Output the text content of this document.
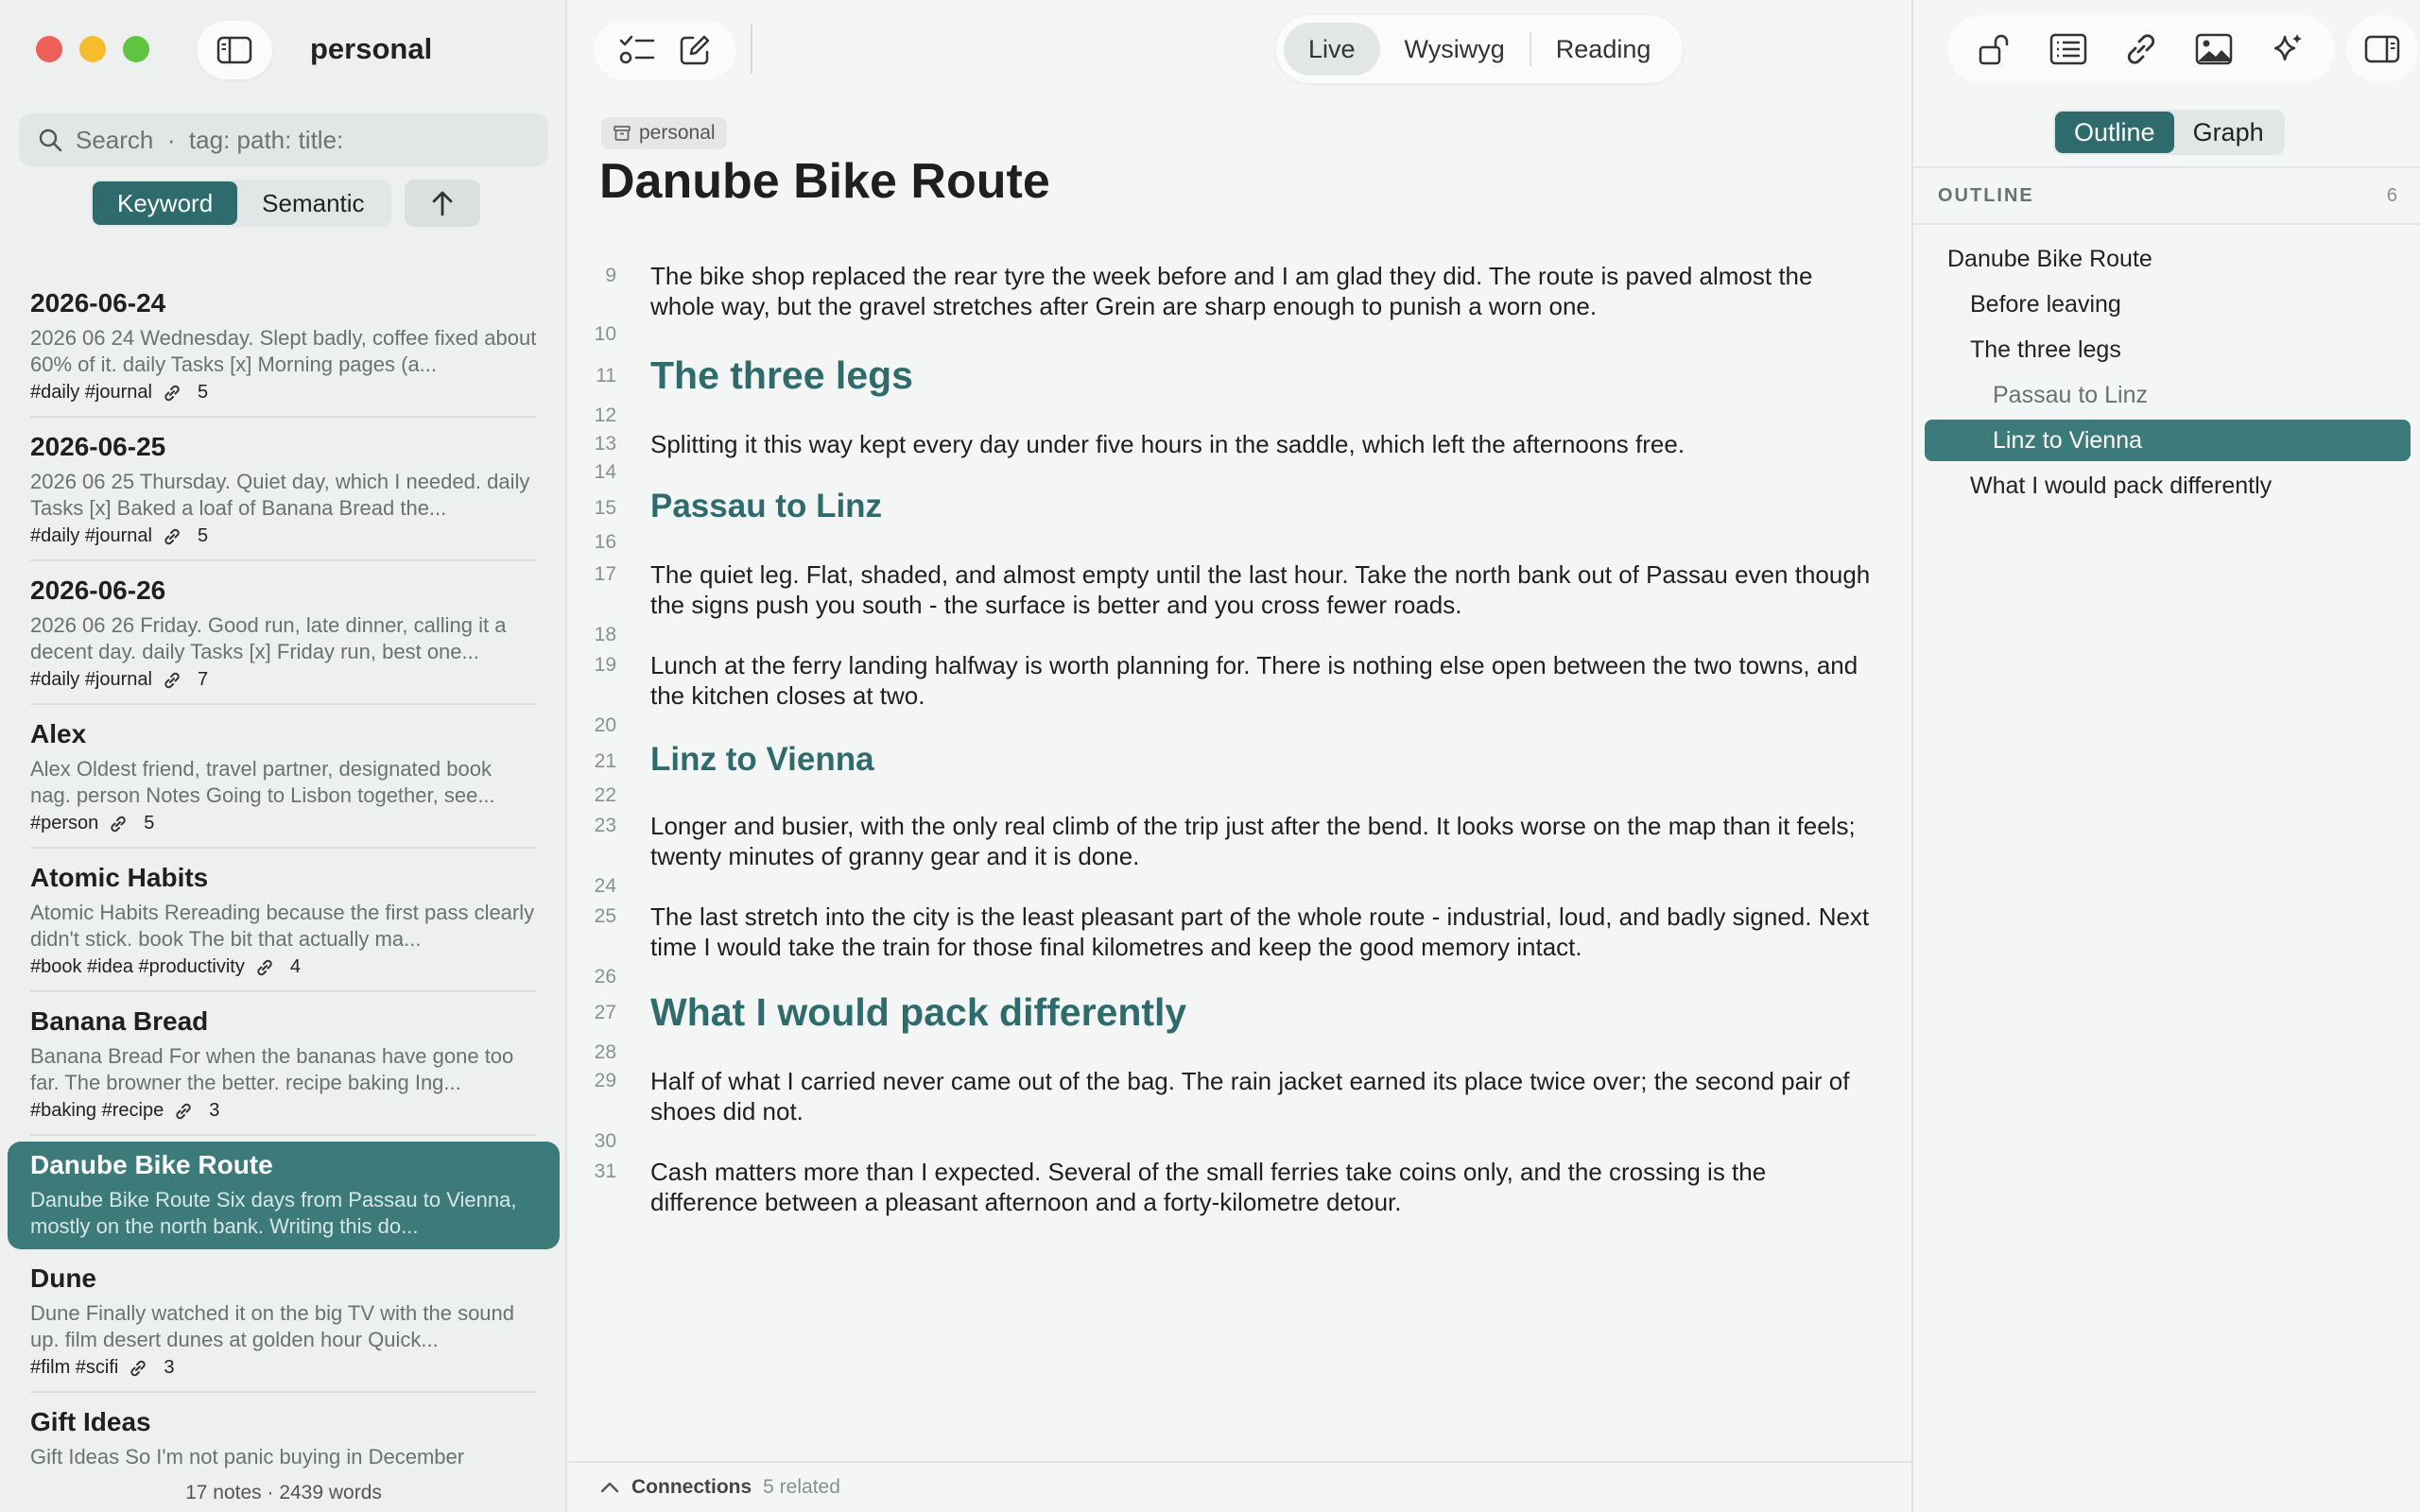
personal
Search · tag: path: title:
Keyword	Semantic
2026-06-24
2026 06 24 Wednesday. Slept badly, coffee fixed about 60% of it. daily Tasks [x] Morning pages (a...
#daily #journal 5
2026-06-25
2026 06 25 Thursday. Quiet day, which I needed. daily Tasks [x] Baked a loaf of Banana Bread the...
#daily #journal 5
2026-06-26
2026 06 26 Friday. Good run, late dinner, calling it a decent day. daily Tasks [x] Friday run, best one...
#daily #journal 7
Alex
Alex Oldest friend, travel partner, designated book nag. person Notes Going to Lisbon together, see...
#person 5
Atomic Habits
Atomic Habits Rereading because the first pass clearly didn't stick. book The bit that actually ma...
#book #idea #productivity 4
Banana Bread
Banana Bread For when the bananas have gone too far. The browner the better. recipe baking Ing...
#baking #recipe 3
Danube Bike Route
Danube Bike Route Six days from Passau to Vienna, mostly on the north bank. Writing this do...
Dune
Dune Finally watched it on the big TV with the sound up. film desert dunes at golden hour Quick...
#film #scifi 3
Gift Ideas
Gift Ideas So I'm not panic buying in December
17 notes · 2439 words
Live	Wysiwyg	Reading
personal
Danube Bike Route
9 The bike shop replaced the rear tyre the week before and I am glad they did. The route is paved almost the whole way, but the gravel stretches after Grein are sharp enough to punish a worn one.
10
11 The three legs
12
13 Splitting it this way kept every day under five hours in the saddle, which left the afternoons free.
14
15 Passau to Linz
16
17 The quiet leg. Flat, shaded, and almost empty until the last hour. Take the north bank out of Passau even though the signs push you south - the surface is better and you cross fewer roads.
18
19 Lunch at the ferry landing halfway is worth planning for. There is nothing else open between the two towns, and the kitchen closes at two.
20
21 Linz to Vienna
22
23 Longer and busier, with the only real climb of the trip just after the bend. It looks worse on the map than it feels; twenty minutes of granny gear and it is done.
24
25 The last stretch into the city is the least pleasant part of the whole route - industrial, loud, and badly signed. Next time I would take the train for those final kilometres and keep the good memory intact.
26
27 What I would pack differently
28
29 Half of what I carried never came out of the bag. The rain jacket earned its place twice over; the second pair of shoes did not.
30
31 Cash matters more than I expected. Several of the small ferries take coins only, and the crossing is the difference between a pleasant afternoon and a forty-kilometre detour.
Connections 5 related
Outline	Graph
OUTLINE	6
Danube Bike Route
Before leaving
The three legs
Passau to Linz
Linz to Vienna
What I would pack differently
